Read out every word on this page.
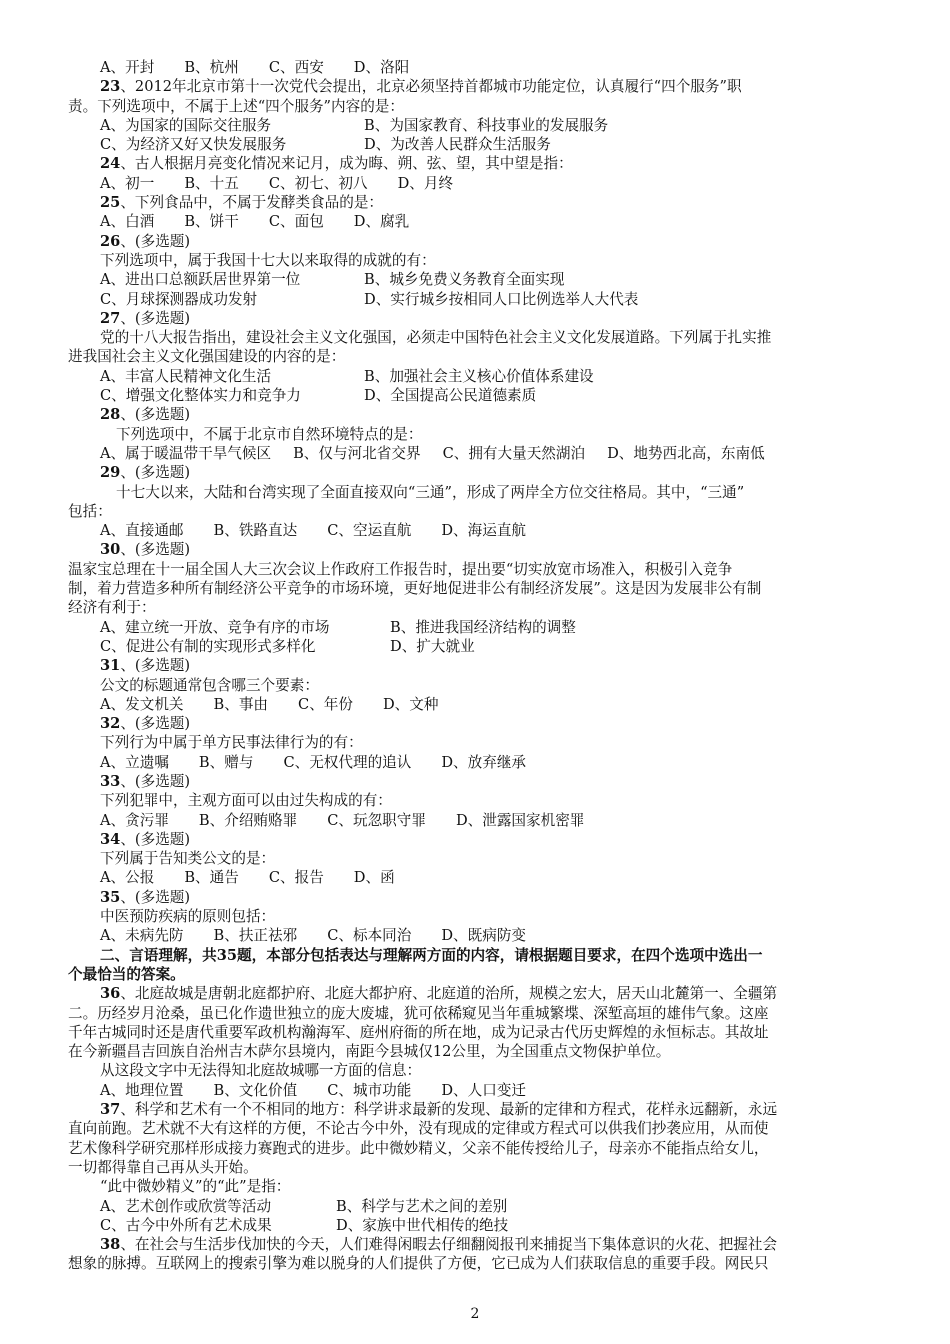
A、开封 B、杭州 C、西安 D、洛阳
23、2012年北京市第十一次党代会提出，北京必须坚持首都城市功能定位，认真履行“四个服务”职
责。下列选项中，不属于上述“四个服务”内容的是：
A、为国家的国际交往服务	B、为国家教育、科技事业的发展服务
C、为经济又好又快发展服务	D、为改善人民群众生活服务
24、古人根据月亮变化情况来记月，成为晦、朔、弦、望，其中望是指：
A、初一 B、十五 C、初七、初八 D、月终
25、下列食品中，不属于发酵类食品的是：
A、白酒 B、饼干 C、面包 D、腐乳
26、(多选题)
下列选项中，属于我国十七大以来取得的成就的有：
A、进出口总额跃居世界第一位	B、城乡免费义务教育全面实现
C、月球探测器成功发射	D、实行城乡按相同人口比例选举人大代表
27、(多选题)
党的十八大报告指出，建设社会主义文化强国，必须走中国特色社会主义文化发展道路。下列属于扎实推
进我国社会主义文化强国建设的内容的是：
A、丰富人民精神文化生活	B、加强社会主义核心价值体系建设
C、增强文化整体实力和竞争力	D、全国提高公民道德素质
28、(多选题)
下列选项中，不属于北京市自然环境特点的是：
A、属于暖温带干旱气候区 B、仅与河北省交界 C、拥有大量天然湖泊 D、地势西北高，东南低
29、(多选题)
十七大以来，大陆和台湾实现了全面直接双向“三通”，形成了两岸全方位交往格局。其中，“三通”
包括：
A、直接通邮 B、铁路直达 C、空运直航 D、海运直航
30、(多选题)
温家宝总理在十一届全国人大三次会议上作政府工作报告时，提出要“切实放宽市场准入，积极引入竞争
制，着力营造多种所有制经济公平竞争的市场环境，更好地促进非公有制经济发展”。这是因为发展非公有制
经济有利于：
A、建立统一开放、竞争有序的市场	B、推进我国经济结构的调整
C、促进公有制的实现形式多样化	D、扩大就业
31、(多选题)
公文的标题通常包含哪三个要素：
A、发文机关 B、事由 C、年份 D、文种
32、(多选题)
下列行为中属于单方民事法律行为的有：
A、立遗嘱 B、赠与 C、无权代理的追认 D、放弃继承
33、(多选题)
下列犯罪中，主观方面可以由过失构成的有：
A、贪污罪 B、介绍贿赂罪 C、玩忽职守罪 D、泄露国家机密罪
34、(多选题)
下列属于告知类公文的是：
A、公报 B、通告 C、报告 D、函
35、(多选题)
中医预防疾病的原则包括：
A、未病先防 B、扶正祛邪 C、标本同治 D、既病防变
二、言语理解，共35题，本部分包括表达与理解两方面的内容，请根据题目要求，在四个选项中选出一
个最恰当的答案。
36、北庭故城是唐朝北庭都护府、北庭大都护府、北庭道的治所，规模之宏大，居天山北麓第一、全疆第
二。历经岁月沧桑，虽已化作遗世独立的庞大废墟，犹可依稀窥见当年重城繁堞、深堑高垣的雄伟气象。这座
千年古城同时还是唐代重要军政机构瀚海军、庭州府衙的所在地，成为记录古代历史辉煌的永恒标志。其故址
在今新疆昌吉回族自治州吉木萨尔县境内，南距今县城仅12公里，为全国重点文物保护单位。
从这段文字中无法得知北庭故城哪一方面的信息：
A、地理位置 B、文化价值 C、城市功能 D、人口变迁
37、科学和艺术有一个不相同的地方：科学讲求最新的发现、最新的定律和方程式，花样永远翻新，永远
直向前跑。艺术就不大有这样的方便，不论古今中外，没有现成的定律或方程式可以供我们抄袭应用，从而使
艺术像科学研究那样形成接力赛跑式的进步。此中微妙精义，父亲不能传授给儿子，母亲亦不能指点给女儿，
一切都得靠自己再从头开始。
“此中微妙精义”的“此”是指：
A、艺术创作或欣赏等活动	B、科学与艺术之间的差别
C、古今中外所有艺术成果	D、家族中世代相传的绝技
38、在社会与生活步伐加快的今天，人们难得闲暇去仔细翻阅报刊来捕捉当下集体意识的火花、把握社会
想象的脉搏。互联网上的搜索引擎为难以脱身的人们提供了方便，它已成为人们获取信息的重要手段。网民只
2
